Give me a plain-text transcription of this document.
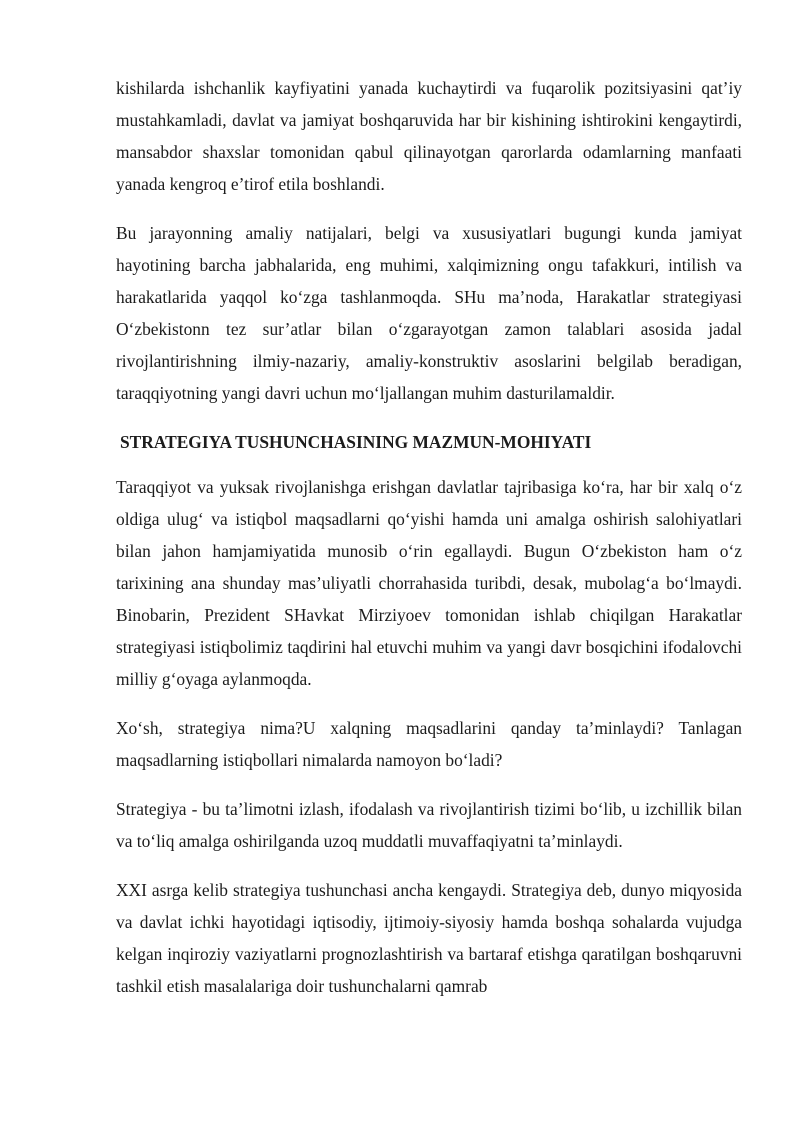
kishilarda ishchanlik kayfiyatini yanada kuchaytirdi va fuqarolik pozitsiyasini qat’iy mustahkamladi, davlat va jamiyat boshqaruvida har bir kishining ishtirokini kengaytirdi, mansabdor shaxslar tomonidan qabul qilinayotgan qarorlarda odamlarning manfaati yanada kengroq e’tirof etila boshlandi.

Bu jarayonning amaliy natijalari, belgi va xususiyatlari bugungi kunda jamiyat hayotining barcha jabhalarida, eng muhimi, xalqimizning ongu tafakkuri, intilish va harakatlarida yaqqol koʻzga tashlanmoqda. SHu ma’noda, Harakatlar strategiyasi Oʻzbekistonn tez sur’atlar bilan oʻzgarayotgan zamon talablari asosida jadal rivojlantirishning ilmiy-nazariy, amaliy-konstruktiv asoslarini belgilab beradigan, taraqqiyotning yangi davri uchun moʻljallangan muhim dasturilamaldir.

STRATEGIYA TUSHUNCHASINING MAZMUN-MOHIYATI

Taraqqiyot va yuksak rivojlanishga erishgan davlatlar tajribasiga koʻra, har bir xalq oʻz oldiga ulugʻ va istiqbol maqsadlarni qoʻyishi hamda uni amalga oshirish salohiyatlari bilan jahon hamjamiyatida munosib oʻrin egallaydi. Bugun Oʻzbekiston ham oʻz tarixining ana shunday mas’uliyatli chorrahasida turibdi, desak, mubolagʻa boʻlmaydi. Binobarin, Prezident SHavkat Mirziyoev tomonidan ishlab chiqilgan Harakatlar strategiyasi istiqbolimiz taqdirini hal etuvchi muhim va yangi davr bosqichini ifodalovchi milliy gʻoyaga aylanmoqda.

Xoʻsh, strategiya nima?U xalqning maqsadlarini qanday ta’minlaydi? Tanlagan maqsadlarning istiqbollari nimalarda namoyon boʻladi?

Strategiya - bu ta’limotni izlash, ifodalash va rivojlantirish tizimi boʻlib, u izchillik bilan va toʻliq amalga oshirilganda uzoq muddatli muvaffaqiyatni ta’minlaydi.

XXI asrga kelib strategiya tushunchasi ancha kengaydi. Strategiya deb, dunyo miqyosida va davlat ichki hayotidagi iqtisodiy, ijtimoiy-siyosiy hamda boshqa sohalarda vujudga kelgan inqiroziy vaziyatlarni prognozlashtirish va bartaraf etishga qaratilgan boshqaruvni tashkil etish masalalariga doir tushunchalarni qamrab
